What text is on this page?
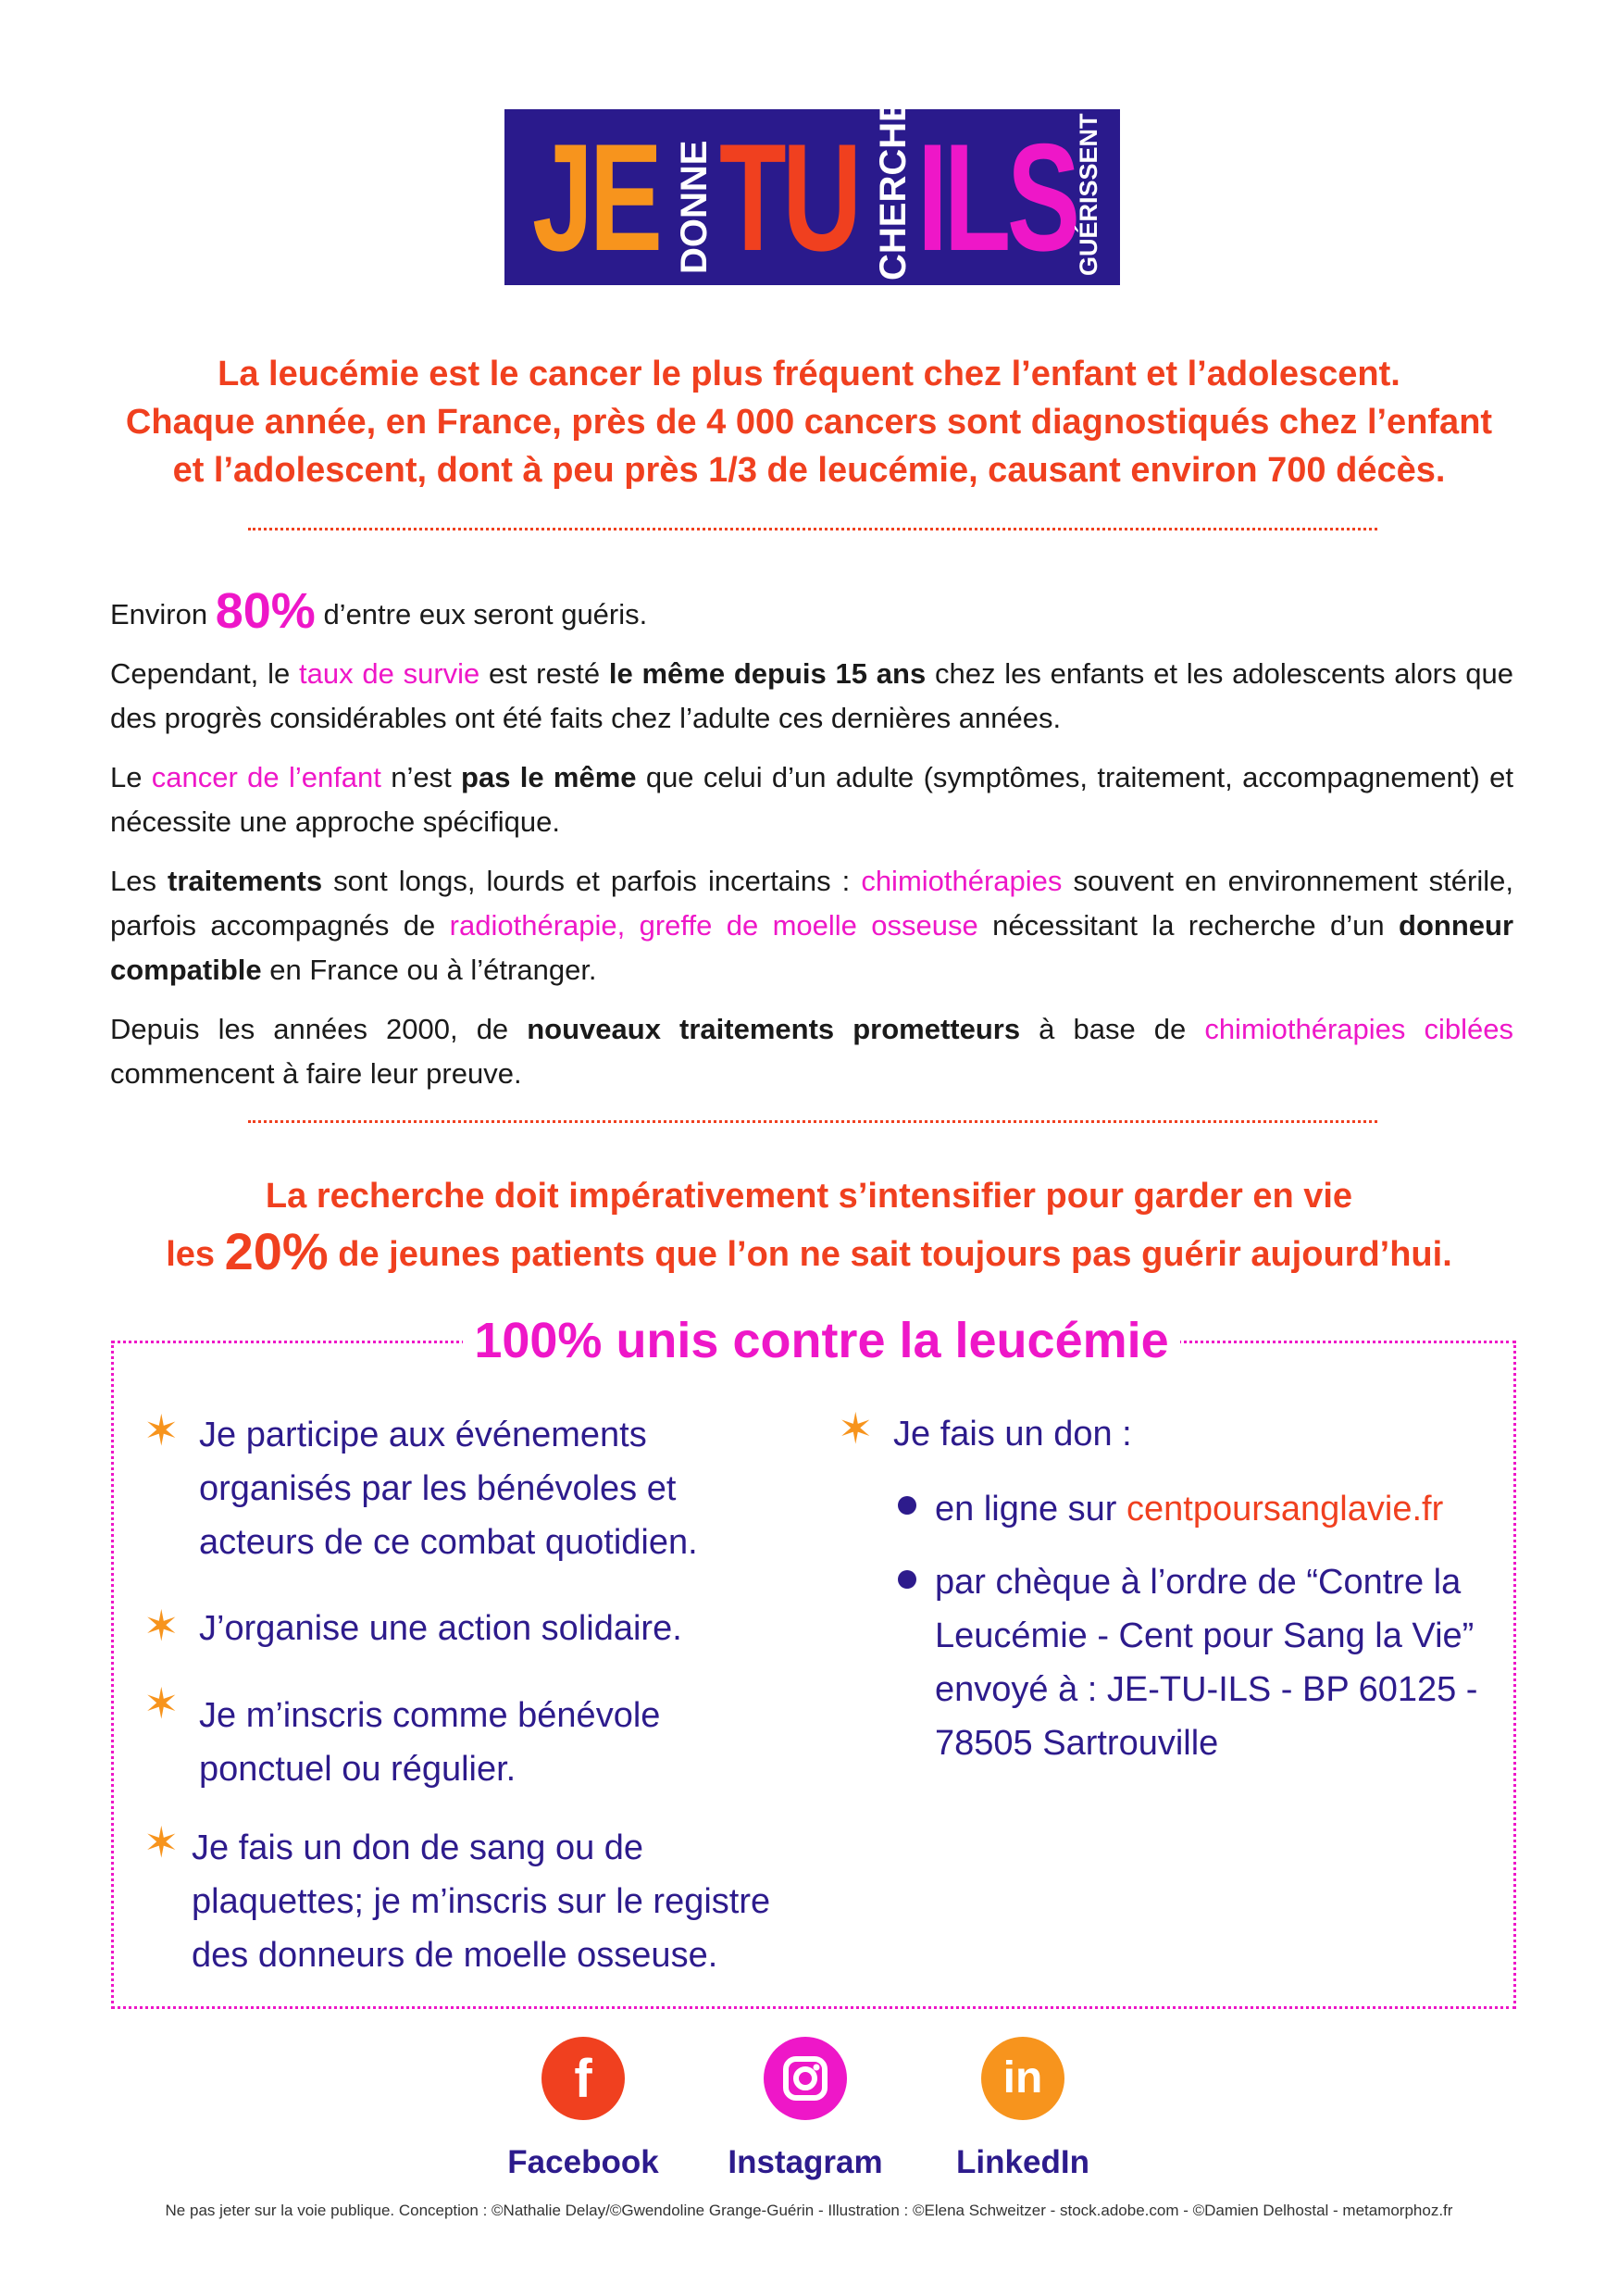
JE DONNE TU CHERCHES ILS
GUÉRISSENT
La leucémie est le cancer le plus fréquent chez l’enfant et l’adolescent.
Chaque année, en France, près de 4 000 cancers sont diagnostiqués chez l’enfant
et l’adolescent, dont à peu près 1/3 de leucémie, causant environ 700 décès.

Environ 80% d’entre eux seront guéris.

Cependant, le taux de survie est resté le même depuis 15 ans chez les enfants et les adolescents alors que des progrès considérables ont été faits chez l’adulte ces dernières années.

Le cancer de l’enfant n’est pas le même que celui d’un adulte (symptômes, traitement, accompagnement) et nécessite une approche spécifique.

Les traitements sont longs, lourds et parfois incertains : chimiothérapies souvent en environnement stérile, parfois accompagnés de radiothérapie, greffe de moelle osseuse nécessitant la recherche d’un donneur compatible en France ou à l’étranger.

Depuis les années 2000, de nouveaux traitements prometteurs à base de chimiothérapies ciblées commencent à faire leur preuve.

La recherche doit impérativement s’intensifier pour garder en vie
les 20% de jeunes patients que l’on ne sait toujours pas guérir aujourd’hui.
100% unis contre la leucémie
✶ Je participe aux événements
organisés par les bénévoles et
acteurs de ce combat quotidien.
✶ J’organise une action solidaire.
✶ Je m’inscris comme bénévole
ponctuel ou régulier.
✶ Je fais un don de sang ou de
plaquettes; je m’inscris sur le registre
des donneurs de moelle osseuse.
✶ Je fais un don :
en ligne sur centpoursanglavie.fr
par chèque à l’ordre de “Contre la
Leucémie - Cent pour Sang la Vie”
envoyé à : JE-TU-ILS - BP 60125 -
78505 Sartrouville
f
Facebook	Instagram
in
LinkedIn
Ne pas jeter sur la voie publique. Conception : ©Nathalie Delay/©Gwendoline Grange-Guérin - Illustration : ©Elena Schweitzer - stock.adobe.com - ©Damien Delhostal - metamorphoz.fr
